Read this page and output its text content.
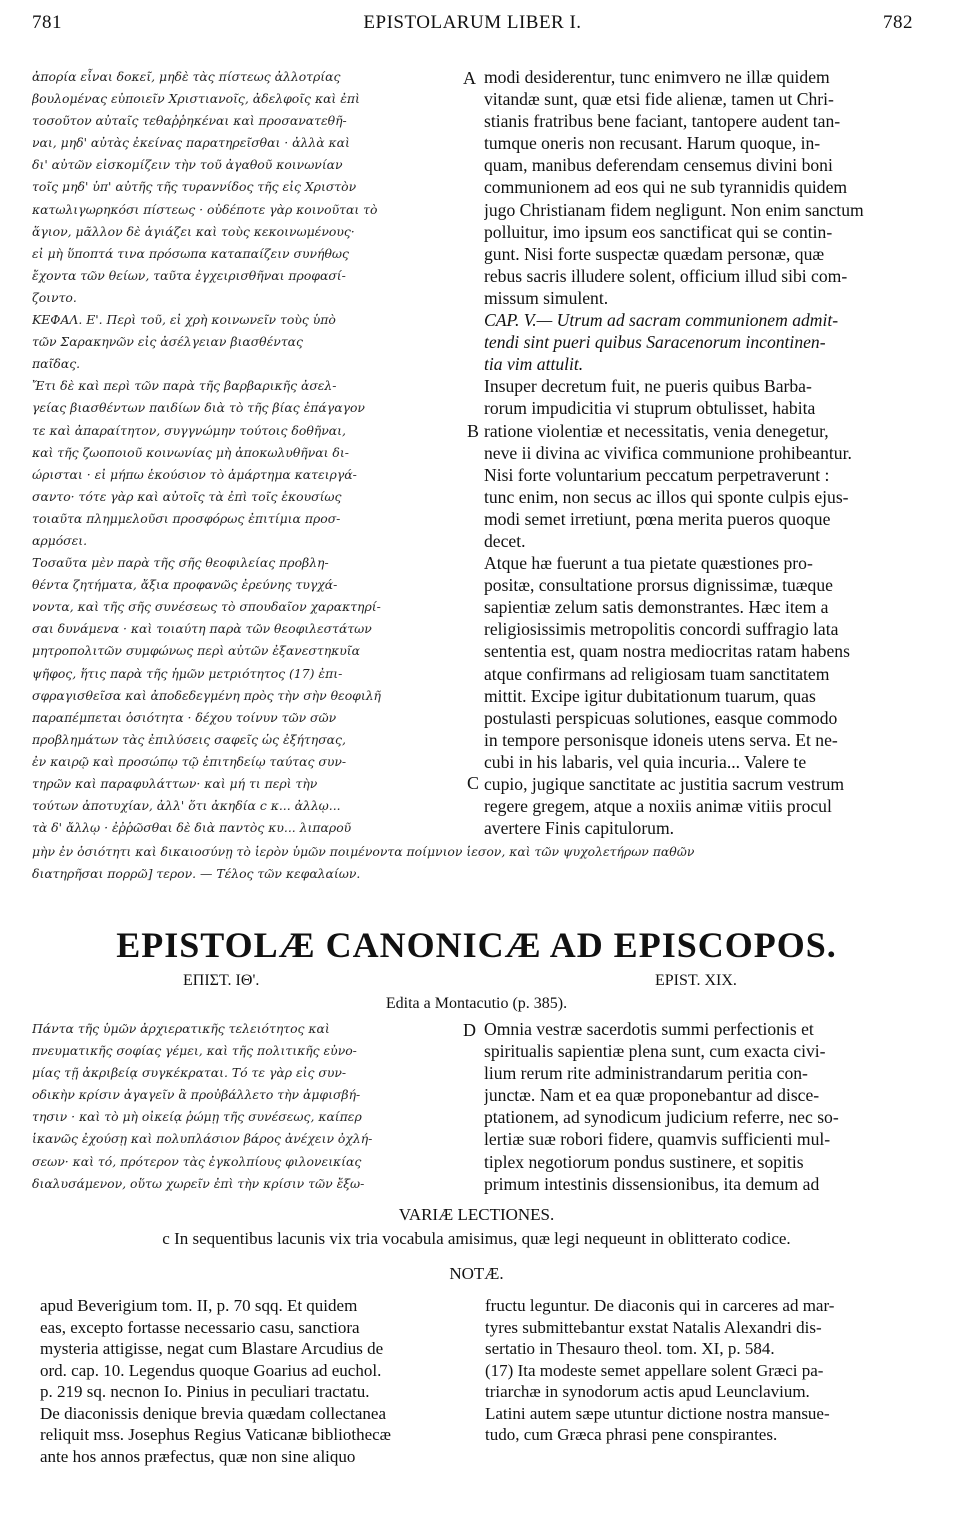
781	EPISTOLARUM LIBER I.	782
ἀπορία εἶναι δοκεῖ, μηδὲ τὰς πίστεως ἀλλοτρίας
βουλομένας εὐποιεῖν Χριστιανοῖς, ἀδελφοῖς καὶ ἐπὶ
τοσοῦτον αὐταῖς τεθαῤῥηκέναι καὶ προσανατεθῆ-
ναι, μηδ' αὐτὰς ἐκείνας παρατηρεῖσθαι · ἀλλὰ καὶ
δι' αὐτῶν εἰσκομίζειν τὴν τοῦ ἀγαθοῦ κοινωνίαν
τοῖς μηδ' ὑπ' αὐτῆς τῆς τυραννίδος τῆς εἰς Χριστὸν
κατωλιγωρηκόσι πίστεως · οὐδέποτε γὰρ κοινοῦται τὸ
ἅγιον, μᾶλλον δὲ ἁγιάζει καὶ τοὺς κεκοινωμένους·
εἰ μὴ ὕποπτά τινα πρόσωπα καταπαίζειν συνήθως
ἔχοντα τῶν θείων, ταῦτα ἐγχειρισθῆναι προφασί-
ζοιντο.
ΚΕΦΑΛ. Ε'. Περὶ τοῦ, εἰ χρὴ κοινωνεῖν τοὺς ὑπὸ
τῶν Σαρακηνῶν εἰς ἀσέλγειαν βιασθέντας
παῖδας.
Ἔτι δὲ καὶ περὶ τῶν παρὰ τῆς βαρβαρικῆς ἀσελ-
γείας βιασθέντων παιδίων διὰ τὸ τῆς βίας ἐπάγαγον
τε καὶ ἀπαραίτητον, συγγνώμην τούτοις δοθῆναι,
καὶ τῆς ζωοποιοῦ κοινωνίας μὴ ἀποκωλυθῆναι δι-
ώρισται · εἰ μήπω ἑκούσιον τὸ ἁμάρτημα κατειργά-
σαντο· τότε γὰρ καὶ αὐτοῖς τὰ ἐπὶ τοῖς ἑκουσίως
τοιαῦτα πλημμελοῦσι προσφόρως ἐπιτίμια προσ-
αρμόσει.
Τοσαῦτα μὲν παρὰ τῆς σῆς θεοφιλείας προβλη-
θέντα ζητήματα, ἄξια προφανῶς ἐρεύνης τυγχά-
νοντα, καὶ τῆς σῆς συνέσεως τὸ σπουδαῖον χαρακτηρί-
σαι δυνάμενα · καὶ τοιαύτη παρὰ τῶν θεοφιλεστάτων
μητροπολιτῶν συμφώνως περὶ αὐτῶν ἐξανεστηκυῖα
ψῆφος, ἥτις παρὰ τῆς ἡμῶν μετριότητος (17) ἐπι-
σφραγισθεῖσα καὶ ἀποδεδεγμένη πρὸς τὴν σὴν θεοφιλῆ
παραπέμπεται ὁσιότητα · δέχου τοίνυν τῶν σῶν
προβλημάτων τὰς ἐπιλύσεις σαφεῖς ὡς ἐξήτησας,
ἐν καιρῷ καὶ προσώπῳ τῷ ἐπιτηδείῳ ταύτας συν-
τηρῶν καὶ παραφυλάττων· καὶ μή τι περὶ τὴν
τούτων ἀποτυχίαν, ἀλλ' ὅτι ἀκηδία c κ... ἀλλῳ...
τὰ δ' ἄλλῳ · ἐῤῥῶσθαι δὲ διὰ παντὸς κυ... λιπαροῦ
modi desiderentur, tunc enimvero ne illæ quidem
vitandæ sunt, quæ etsi fide alienæ, tamen ut Chri-
stianis fratribus bene faciant, tantopere audent tan-
tumque oneris non recusant. Harum quoque, in-
quam, manibus deferendam censemus divini boni
communionem ad eos qui ne sub tyrannidis quidem
jugo Christianam fidem negligunt. Non enim sanctum
polluitur, imo ipsum eos sanctificat qui se contin-
gunt. Nisi forte suspectæ quædam personæ, quæ
rebus sacris illudere solent, officium illud sibi com-
missum simulent.
CAP. V.— Utrum ad sacram communionem admit-
tendi sint pueri quibus Saracenorum incontinen-
tia vim attulit.
Insuper decretum fuit, ne pueris quibus Barba-
rorum impudicitia vi stuprum obtulisset, habita
ratione violentiæ et necessitatis, venia denegetur,
neve ii divina ac vivifica communione prohibeantur.
Nisi forte voluntarium peccatum perpetraverunt :
tunc enim, non secus ac illos qui sponte culpis ejus-
modi semet irretiunt, pœna merita pueros quoque
decet.
Atque hæ fuerunt a tua pietate quæstiones pro-
positæ, consultatione prorsus dignissimæ, tuæque
sapientiæ zelum satis demonstrantes. Hæc item a
religiosissimis metropolitis concordi suffragio lata
sententia est, quam nostra mediocritas ratam habens
atque confirmans ad religiosam tuam sanctitatem
mittit. Excipe igitur dubitationum tuarum, quas
postulasti perspicuas solutiones, easque commodo
in tempore personisque idoneis utens serva. Et ne-
cubi in his labaris, vel quia incuria... Valere te
cupio, jugique sanctitate ac justitia sacrum vestrum
regere gregem, atque a noxiis animæ vitiis procul
avertere Finis capitulorum.
A
B
C
μὴν ἐν ὁσιότητι καὶ δικαιοσύνῃ τὸ ἱερὸν ὑμῶν ποιμένοντα ποίμνιον ἱεσον, καὶ τῶν ψυχολετήρων παθῶν
διατηρῆσαι πορρῶ] τερον. — Τέλος τῶν κεφαλαίων.
EPISTOLÆ CANONICÆ AD EPISCOPOS.
ΕΠΙΣΤ. ΙΘ'.	EPIST. XIX.
Edita a Montacutio (p. 385).
Πάντα τῆς ὑμῶν ἀρχιερατικῆς τελειότητος καὶ
πνευματικῆς σοφίας γέμει, καὶ τῆς πολιτικῆς εὐνο-
μίας τῇ ἀκριβείᾳ συγκέκραται. Τό τε γὰρ εἰς συν-
οδικὴν κρίσιν ἀγαγεῖν ἃ προὐβάλλετο τὴν ἀμφισβή-
τησιν · καὶ τὸ μὴ οἰκείᾳ ῥώμῃ τῆς συνέσεως, καίπερ
ἱκανῶς ἐχούσῃ καὶ πολυπλάσιον βάρος ἀνέχειν ὀχλή-
σεων· καὶ τό, πρότερον τὰς ἐγκολπίους φιλονεικίας
διαλυσάμενον, οὕτω χωρεῖν ἐπὶ τὴν κρίσιν τῶν ἔξω-
Omnia vestræ sacerdotis summi perfectionis et
spiritualis sapientiæ plena sunt, cum exacta civi-
lium rerum rite administrandarum peritia con-
junctæ. Nam et ea quæ proponebantur ad disce-
ptationem, ad synodicum judicium referre, nec so-
lertiæ suæ robori fidere, quamvis sufficienti mul-
tiplex negotiorum pondus sustinere, et sopitis
primum intestinis dissensionibus, ita demum ad
D
VARIÆ LECTIONES.
c In sequentibus lacunis vix tria vocabula amisimus, quæ legi nequeunt in oblitterato codice.
NOTÆ.
apud Beverigium tom. II, p. 70 sqq. Et quidem
eas, excepto fortasse necessario casu, sanctiora
mysteria attigisse, negat cum Blastare Arcudius de
ord. cap. 10. Legendus quoque Goarius ad euchol.
p. 219 sq. necnon Io. Pinius in peculiari tractatu.
De diaconissis denique brevia quædam collectanea
reliquit mss. Josephus Regius Vaticanæ bibliothecæ
ante hos annos præfectus, quæ non sine aliquo
fructu leguntur. De diaconis qui in carceres ad mar-
tyres submittebantur exstat Natalis Alexandri dis-
sertatio in Thesauro theol. tom. XI, p. 584.
(17) Ita modeste semet appellare solent Græci pa-
triarchæ in synodorum actis apud Leunclavium.
Latini autem sæpe utuntur dictione nostra mansue-
tudo, cum Græca phrasi pene conspirantes.
